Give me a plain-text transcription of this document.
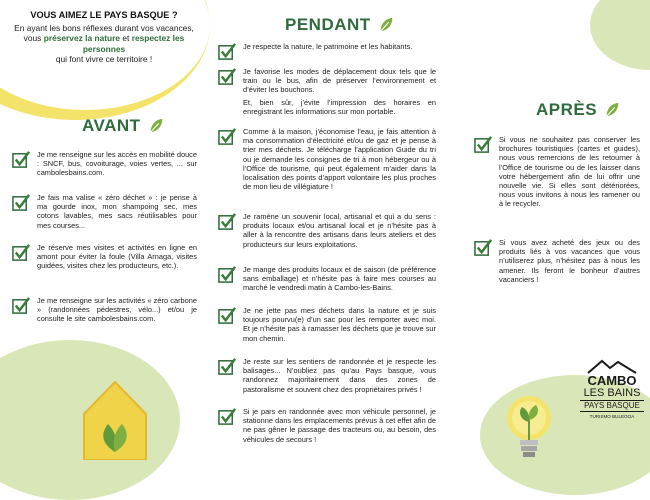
VOUS AIMEZ LE PAYS BASQUE ?
En ayant les bons réflexes durant vos vacances, vous préservez la nature et respectez les personnes
qui font vivre ce territoire !
AVANT
PENDANT
APRÈS
Je me renseigne sur les accès en mobilité douce : SNCF, bus, covoiturage, voies vertes, ... sur cambolesbains.com.
Je fais ma valise « zéro déchet » : je pense à ma gourde inox, mon shampoing sec, mes cotons lavables, mes sacs réutilisables pour mes courses...
Je réserve mes visites et activités en ligne en amont pour éviter la foule (Villa Arnaga, visites guidées, visites chez les producteurs, etc.).
Je me renseigne sur les activités « zéro carbone » (randonnées pédestres, vélo...) et/ou je consulte le site cambolesbains.com.

Je respecte la nature, le patrimoine et les habitants.

Je favorise les modes de déplacement doux tels que le train ou le bus, afin de préserver l’environnement et d’éviter les bouchons.

Et, bien sûr, j’évite l’impression des horaires en enregistrant les informations sur mon portable.

Comme à la maison, j’économise l’eau, je fais attention à ma consommation d’électricité et/ou de gaz et je pense à trier mes déchets. Je télécharge l’application Guide du tri ou je demande les consignes de tri à mon hébergeur ou à l’Office de tourisme, qui peut également m’aider dans la localisation des points d’apport volontaire les plus proches de mon lieu de villégiature !

Je ramène un souvenir local, artisanal et qui a du sens : produits locaux et/ou artisanal local et je n’hésite pas à aller à la rencontre des artisans dans leurs ateliers et des producteurs sur leurs exploitations.

Je mange des produits locaux et de saison (de préférence sans emballage) et n’hésite pas à faire mes courses au marché le vendredi matin à Cambo-les-Bains.

Je ne jette pas mes déchets dans la nature et je suis toujours pourvu(e) d’un sac pour les remporter avec moi. Et je n’hésite pas à ramasser les déchets que je trouve sur mon chemin.

Je reste sur les sentiers de randonnée et je respecte les balisages... N’oubliez pas qu’au Pays basque, vous randonnez majoritairement dans des zones de pastoralisme et souvent chez des propriétaires privés !

Si je pars en randonnée avec mon véhicule personnel, je stationne dans les emplacements prévus à cet effet afin de ne pas gêner le passage des tracteurs ou, au besoin, des véhicules de secours !

Si vous ne souhaitez pas conserver les brochures touristiques (cartes et guides), nous vous remercions de les retourner à l’Office de tourisme ou de les laisser dans votre hébergement afin de lui offrir une nouvelle vie. Si elles sont détériorées, nous vous invitons à nous les ramener ou à le recycler.
Si vous avez acheté des jeux ou des produits liés à vos vacances que vous n’utiliserez plus, n’hésitez pas à nous les amener. Ils feront le bonheur d’autres vacanciers !
CAMBO
LES BAINS
PAYS BASQUE
TURISMO BULEGOA
